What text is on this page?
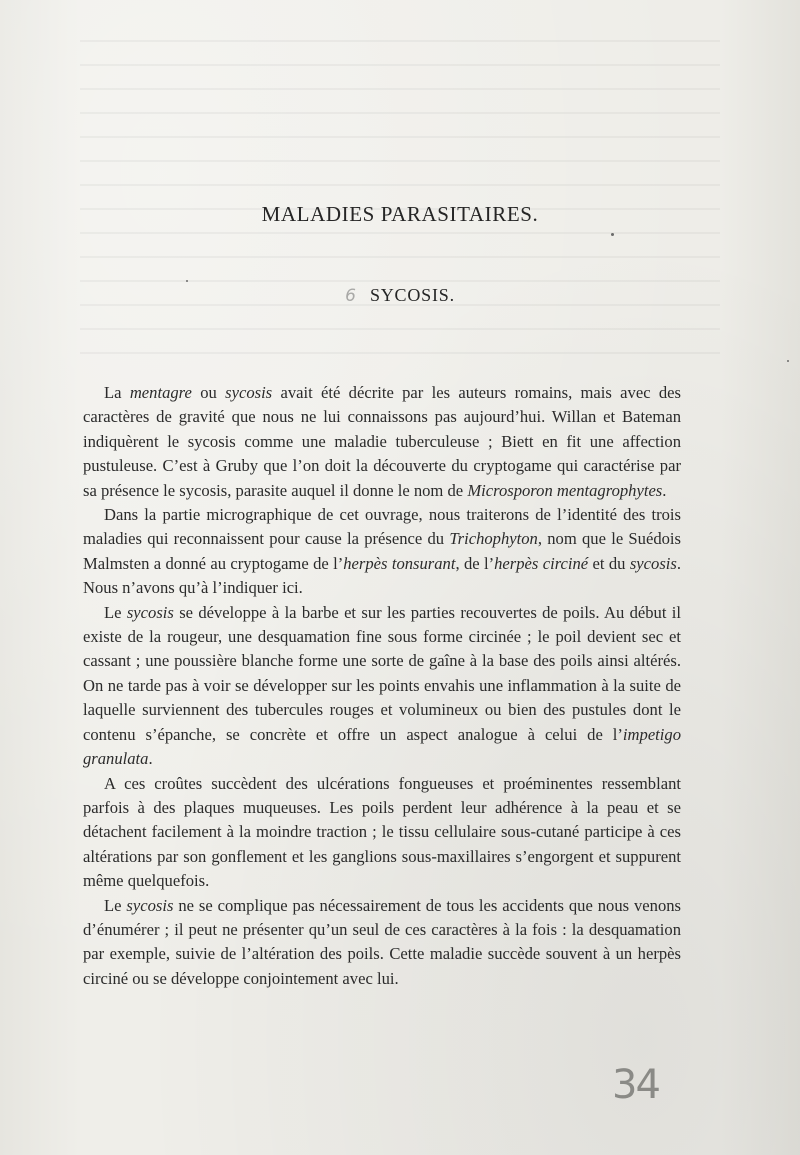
MALADIES PARASITAIRES.
6 SYCOSIS.

La mentagre ou sycosis avait été décrite par les auteurs romains, mais avec des caractères de gravité que nous ne lui connaissons pas aujourd’hui. Willan et Bateman indiquèrent le sycosis comme une maladie tuberculeuse ; Biett en fit une affection pustuleuse. C’est à Gruby que l’on doit la découverte du cryptogame qui caractérise par sa présence le sycosis, parasite auquel il donne le nom de Microsporon mentagrophytes.

Dans la partie micrographique de cet ouvrage, nous traiterons de l’identité des trois maladies qui reconnaissent pour cause la présence du Trichophyton, nom que le Suédois Malmsten a donné au cryptogame de l’herpès tonsurant, de l’herpès circiné et du sycosis. Nous n’avons qu’à l’indiquer ici.

Le sycosis se développe à la barbe et sur les parties recouvertes de poils. Au début il existe de la rougeur, une desquamation fine sous forme circinée ; le poil devient sec et cassant ; une poussière blanche forme une sorte de gaîne à la base des poils ainsi altérés. On ne tarde pas à voir se développer sur les points envahis une inflammation à la suite de laquelle surviennent des tubercules rouges et volumineux ou bien des pustules dont le contenu s’épanche, se concrète et offre un aspect analogue à celui de l’impetigo granulata.

A ces croûtes succèdent des ulcérations fongueuses et proéminentes ressemblant parfois à des plaques muqueuses. Les poils perdent leur adhérence à la peau et se détachent facilement à la moindre traction ; le tissu cellulaire sous-cutané participe à ces altérations par son gonflement et les ganglions sous-maxillaires s’engorgent et suppurent même quelquefois.

Le sycosis ne se complique pas nécessairement de tous les accidents que nous venons d’énumérer ; il peut ne présenter qu’un seul de ces caractères à la fois : la desquamation par exemple, suivie de l’altération des poils. Cette maladie succède souvent à un herpès circiné ou se développe conjointement avec lui.

34
